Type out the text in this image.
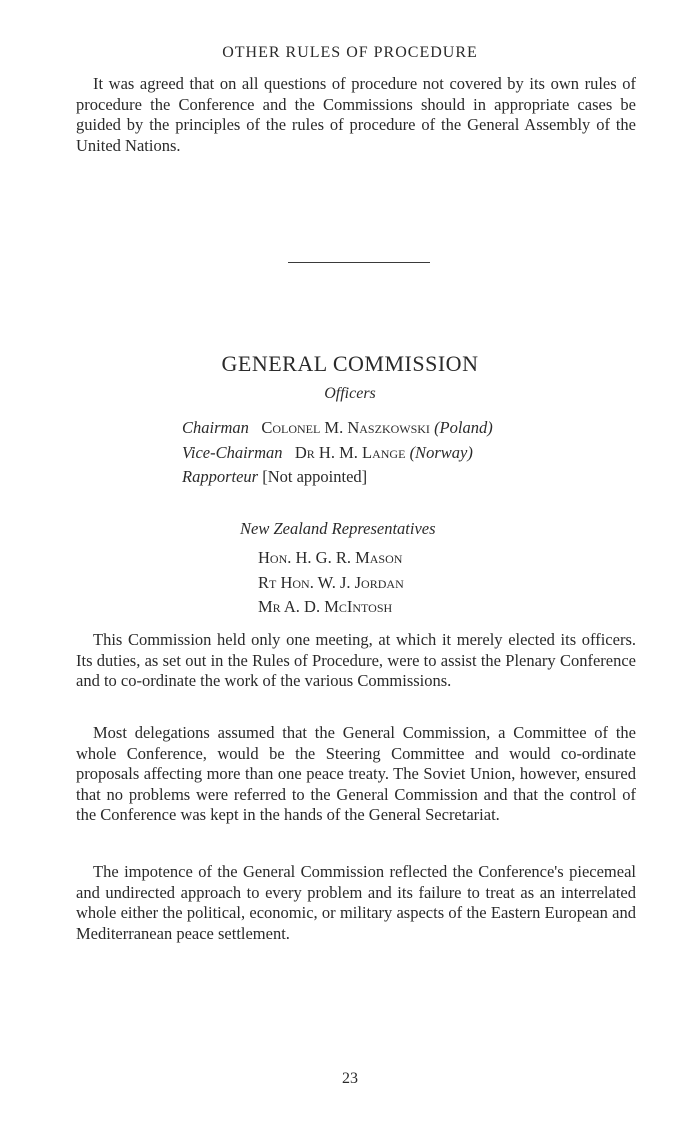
OTHER RULES OF PROCEDURE

It was agreed that on all questions of procedure not covered by its own rules of procedure the Conference and the Commissions should in appropriate cases be guided by the principles of the rules of procedure of the General Assembly of the United Nations.

GENERAL COMMISSION
Officers
Chairman Colonel M. Naszkowski (Poland)
Vice-Chairman Dr H. M. Lange (Norway)
Rapporteur [Not appointed]
New Zealand Representatives
Hon. H. G. R. Mason
Rt Hon. W. J. Jordan
Mr A. D. McIntosh

This Commission held only one meeting, at which it merely elected its officers. Its duties, as set out in the Rules of Procedure, were to assist the Plenary Conference and to co-ordinate the work of the various Commissions.

Most delegations assumed that the General Commission, a Committee of the whole Conference, would be the Steering Committee and would co-ordinate proposals affecting more than one peace treaty. The Soviet Union, however, ensured that no problems were referred to the General Commission and that the control of the Conference was kept in the hands of the General Secretariat.

The impotence of the General Commission reflected the Conference's piecemeal and undirected approach to every problem and its failure to treat as an interrelated whole either the political, economic, or military aspects of the Eastern European and Mediterranean peace settlement.

23
